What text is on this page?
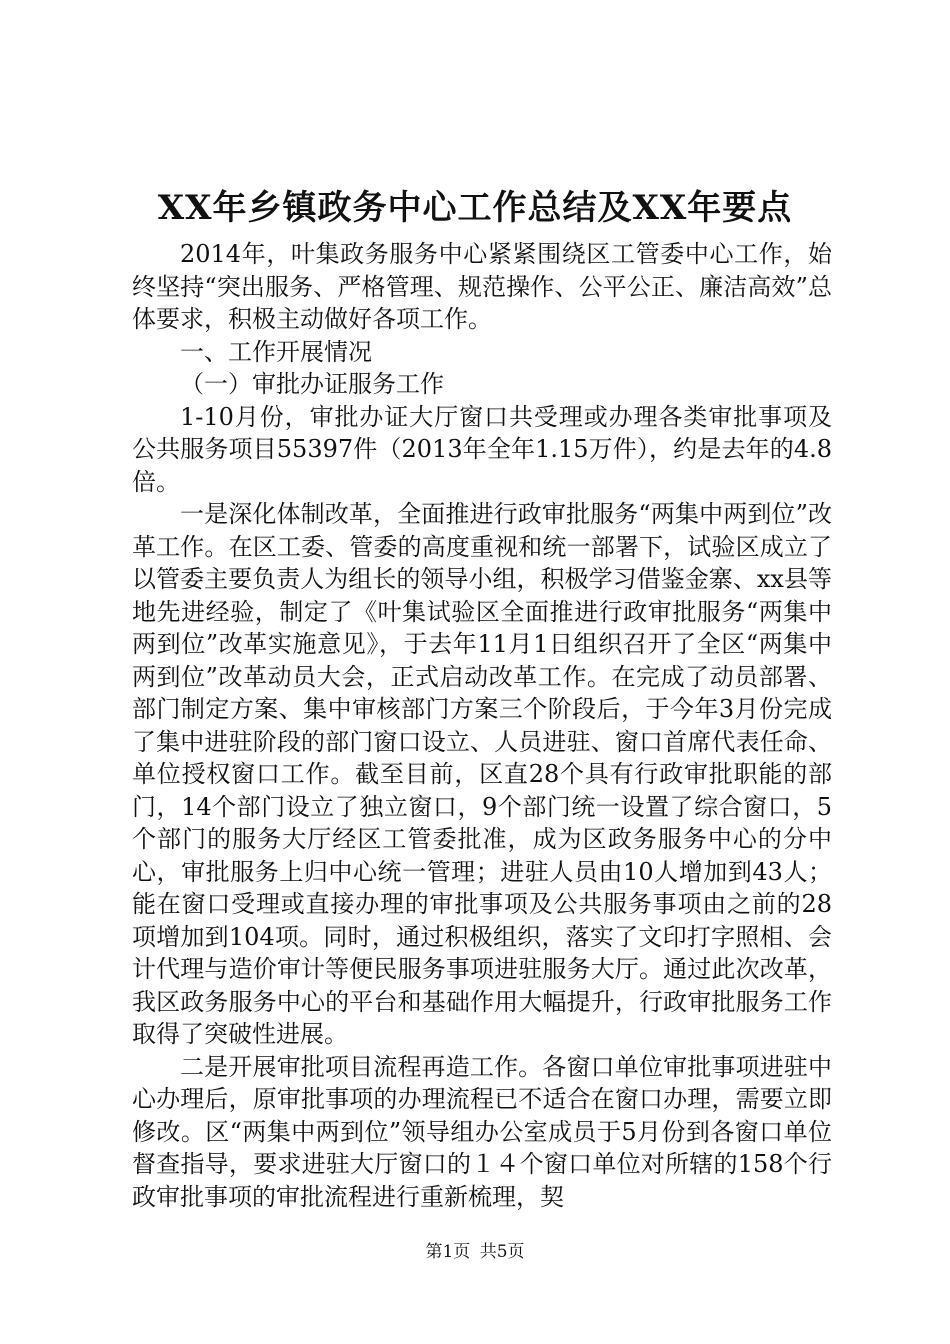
XX年乡镇政务中心工作总结及XX年要点

2014年，叶集政务服务中心紧紧围绕区工管委中心工作，始终坚持“突出服务、严格管理、规范操作、公平公正、廉洁高效”总体要求，积极主动做好各项工作。

一、工作开展情况

（一）审批办证服务工作

1-10月份，审批办证大厅窗口共受理或办理各类审批事项及公共服务项目55397件（2013年全年1.15万件），约是去年的4.8倍。

一是深化体制改革，全面推进行政审批服务“两集中两到位”改革工作。在区工委、管委的高度重视和统一部署下，试验区成立了以管委主要负责人为组长的领导小组，积极学习借鉴金寨、xx县等地先进经验，制定了《叶集试验区全面推进行政审批服务“两集中两到位”改革实施意见》，于去年11月1日组织召开了全区“两集中两到位”改革动员大会，正式启动改革工作。在完成了动员部署、部门制定方案、集中审核部门方案三个阶段后，于今年3月份完成了集中进驻阶段的部门窗口设立、人员进驻、窗口首席代表任命、单位授权窗口工作。截至目前，区直28个具有行政审批职能的部门，14个部门设立了独立窗口，9个部门统一设置了综合窗口，5个部门的服务大厅经区工管委批准，成为区政务服务中心的分中心，审批服务上归中心统一管理；进驻人员由10人增加到43人；能在窗口受理或直接办理的审批事项及公共服务事项由之前的28项增加到104项。同时，通过积极组织，落实了文印打字照相、会计代理与造价审计等便民服务事项进驻服务大厅。通过此次改革，我区政务服务中心的平台和基础作用大幅提升，行政审批服务工作取得了突破性进展。

二是开展审批项目流程再造工作。各窗口单位审批事项进驻中心办理后，原审批事项的办理流程已不适合在窗口办理，需要立即修改。区“两集中两到位”领导组办公室成员于5月份到各窗口单位督查指导，要求进驻大厅窗口的１４个窗口单位对所辖的158个行政审批事项的审批流程进行重新梳理，契

第1页 共5页
